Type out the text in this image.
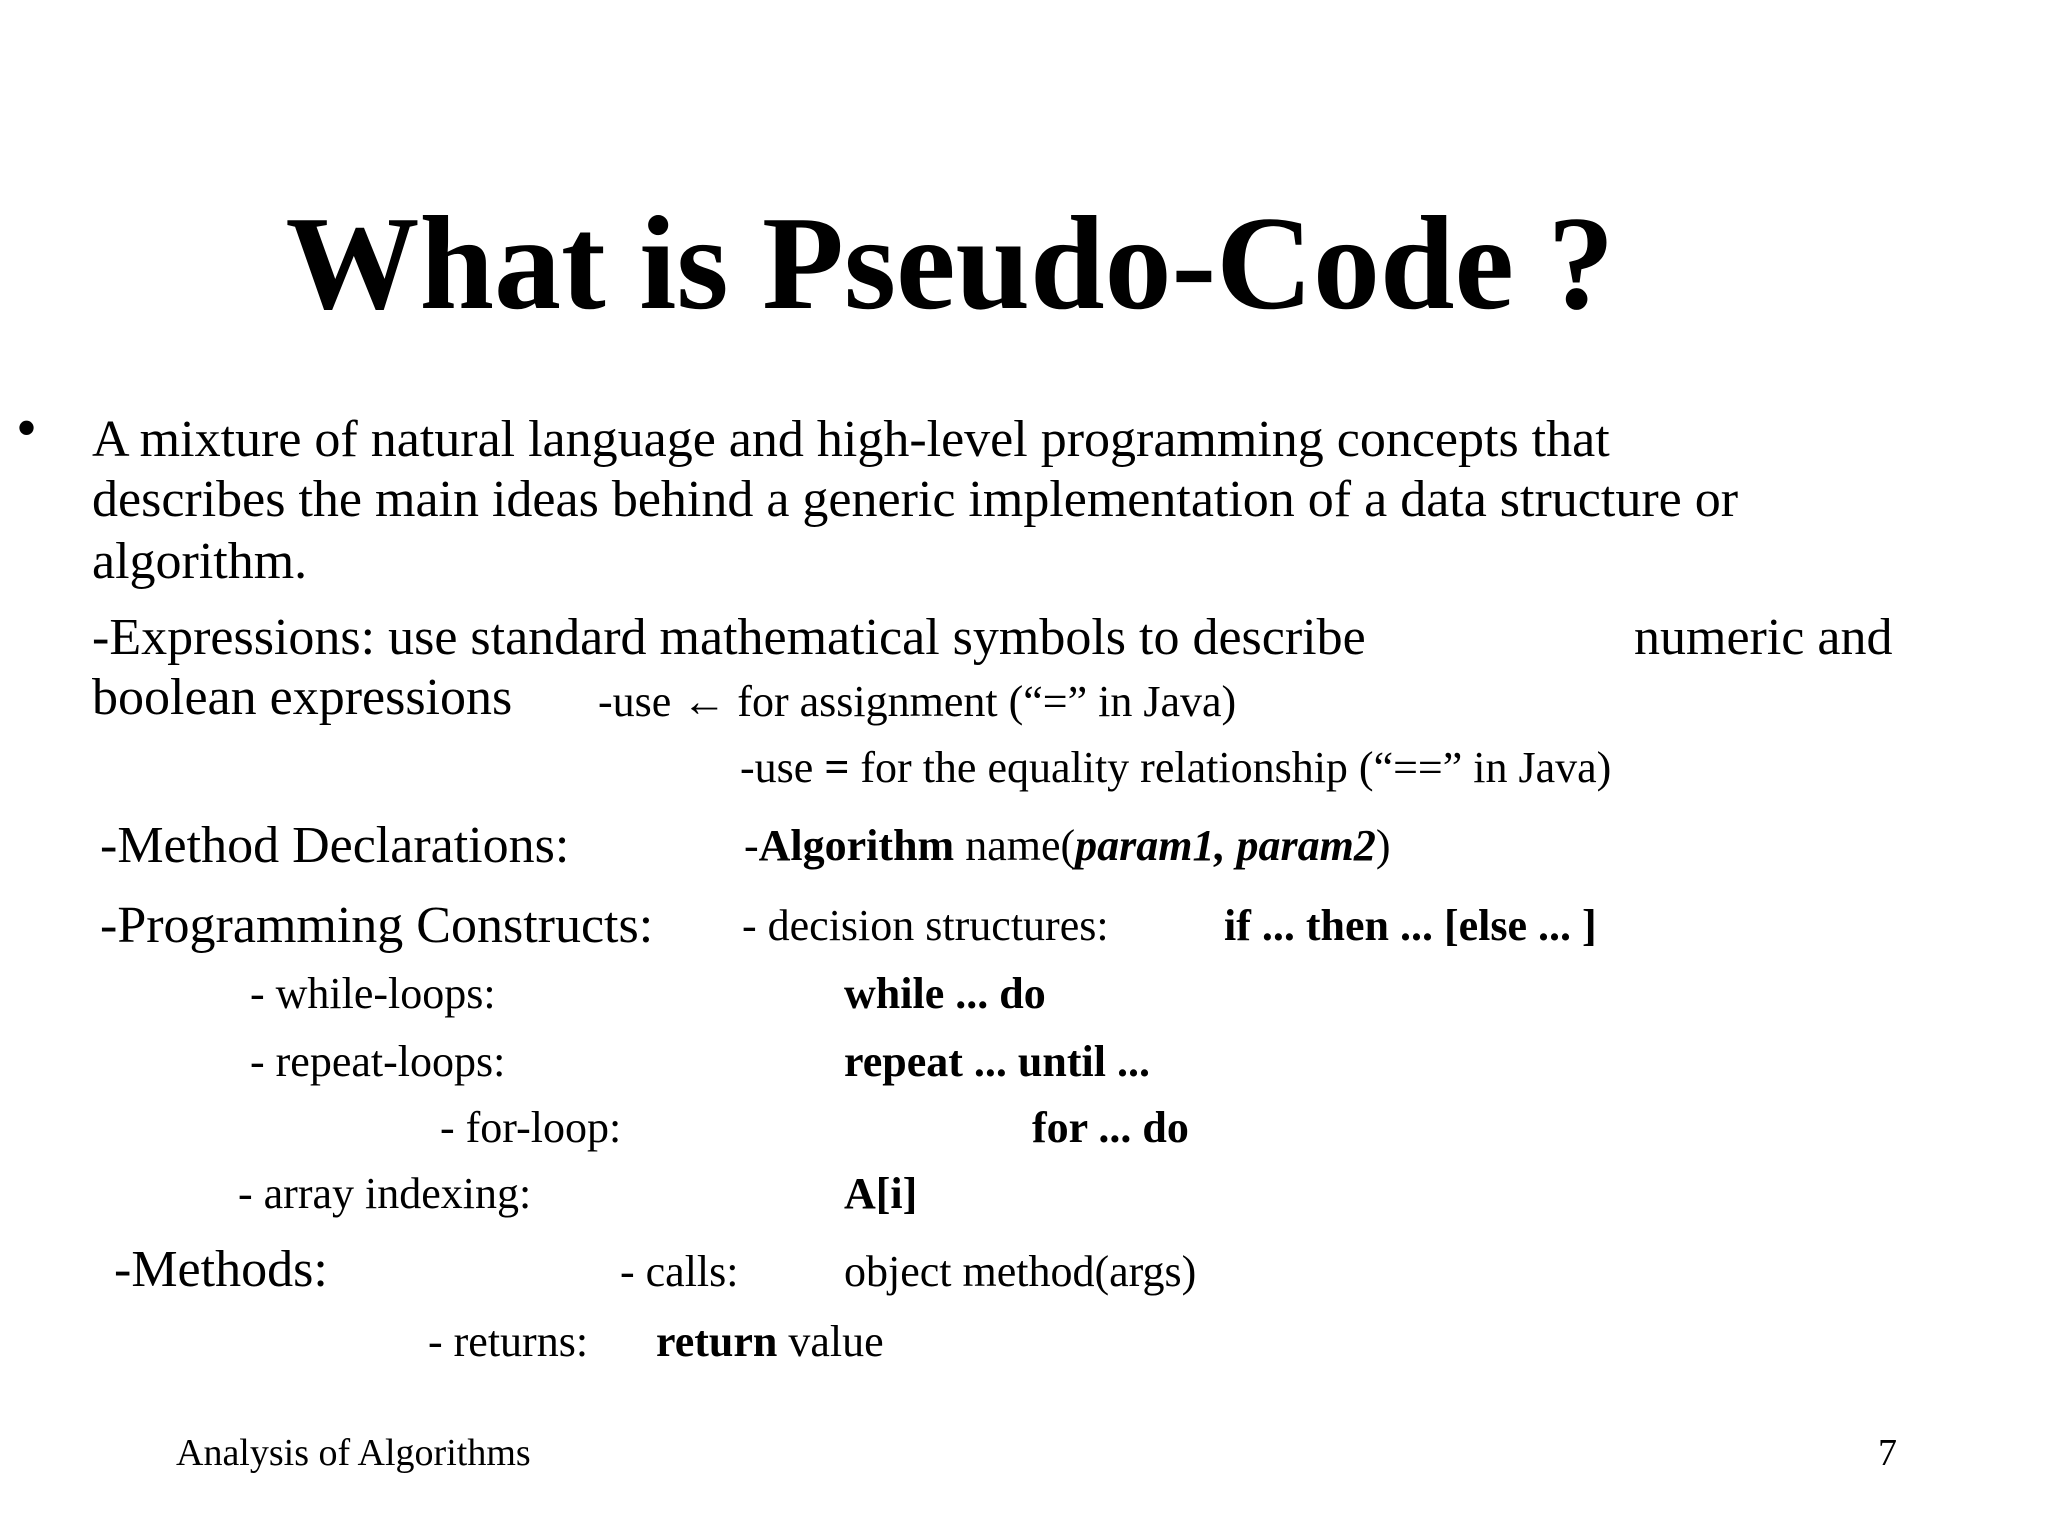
What is Pseudo-Code ?
• A mixture of natural language and high-level programming concepts that
describes the main ideas behind a generic implementation of a data structure or
algorithm.
-Expressions: use standard mathematical symbols to describe	numeric and
boolean expressions -use ← for assignment (“=” in Java)
-use = for the equality relationship (“==” in Java)
-Method Declarations:	-Algorithm name(param1, param2)
-Programming Constructs: - decision structures:	if ... then ... [else ... ]
- while-loops:	while ... do
- repeat-loops:	repeat ... until ...
- for-loop:	for ... do
- array indexing:	A[i]
-Methods:	- calls: object method(args)
- returns: return value
Analysis of Algorithms	7
